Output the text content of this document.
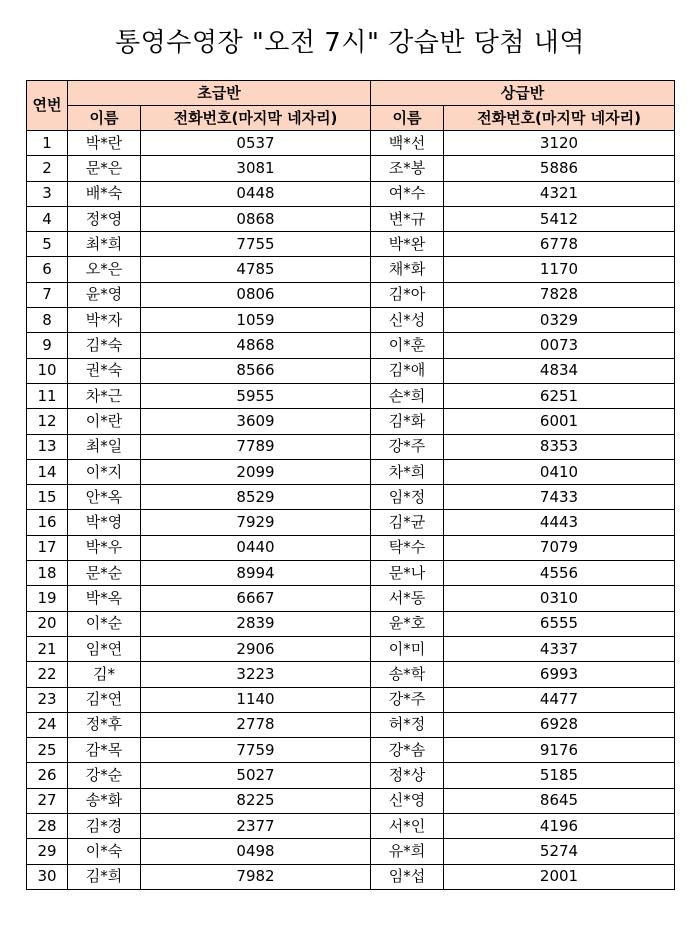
통영수영장 "오전 7시" 강습반 당첨 내역
연번	초급반		상급반	
	이름	전화번호(마지막 네자리)	이름	전화번호(마지막 네자리)
1	박*란	0537	백*선	3120
2	문*은	3081	조*봉	5886
3	배*숙	0448	여*수	4321
4	정*영	0868	변*규	5412
5	최*희	7755	박*완	6778
6	오*은	4785	채*화	1170
7	윤*영	0806	김*아	7828
8	박*자	1059	신*성	0329
9	김*숙	4868	이*훈	0073
10	권*숙	8566	김*애	4834
11	차*근	5955	손*희	6251
12	이*란	3609	김*화	6001
13	최*일	7789	강*주	8353
14	이*지	2099	차*희	0410
15	안*옥	8529	임*정	7433
16	박*영	7929	김*균	4443
17	박*우	0440	탁*수	7079
18	문*순	8994	문*나	4556
19	박*옥	6667	서*동	0310
20	이*순	2839	윤*호	6555
21	임*연	2906	이*미	4337
22	김*	3223	송*학	6993
23	김*연	1140	강*주	4477
24	정*후	2778	허*정	6928
25	감*목	7759	강*솜	9176
26	강*순	5027	정*상	5185
27	송*화	8225	신*영	8645
28	김*경	2377	서*인	4196
29	이*숙	0498	유*희	5274
30	김*희	7982	임*섭	2001
